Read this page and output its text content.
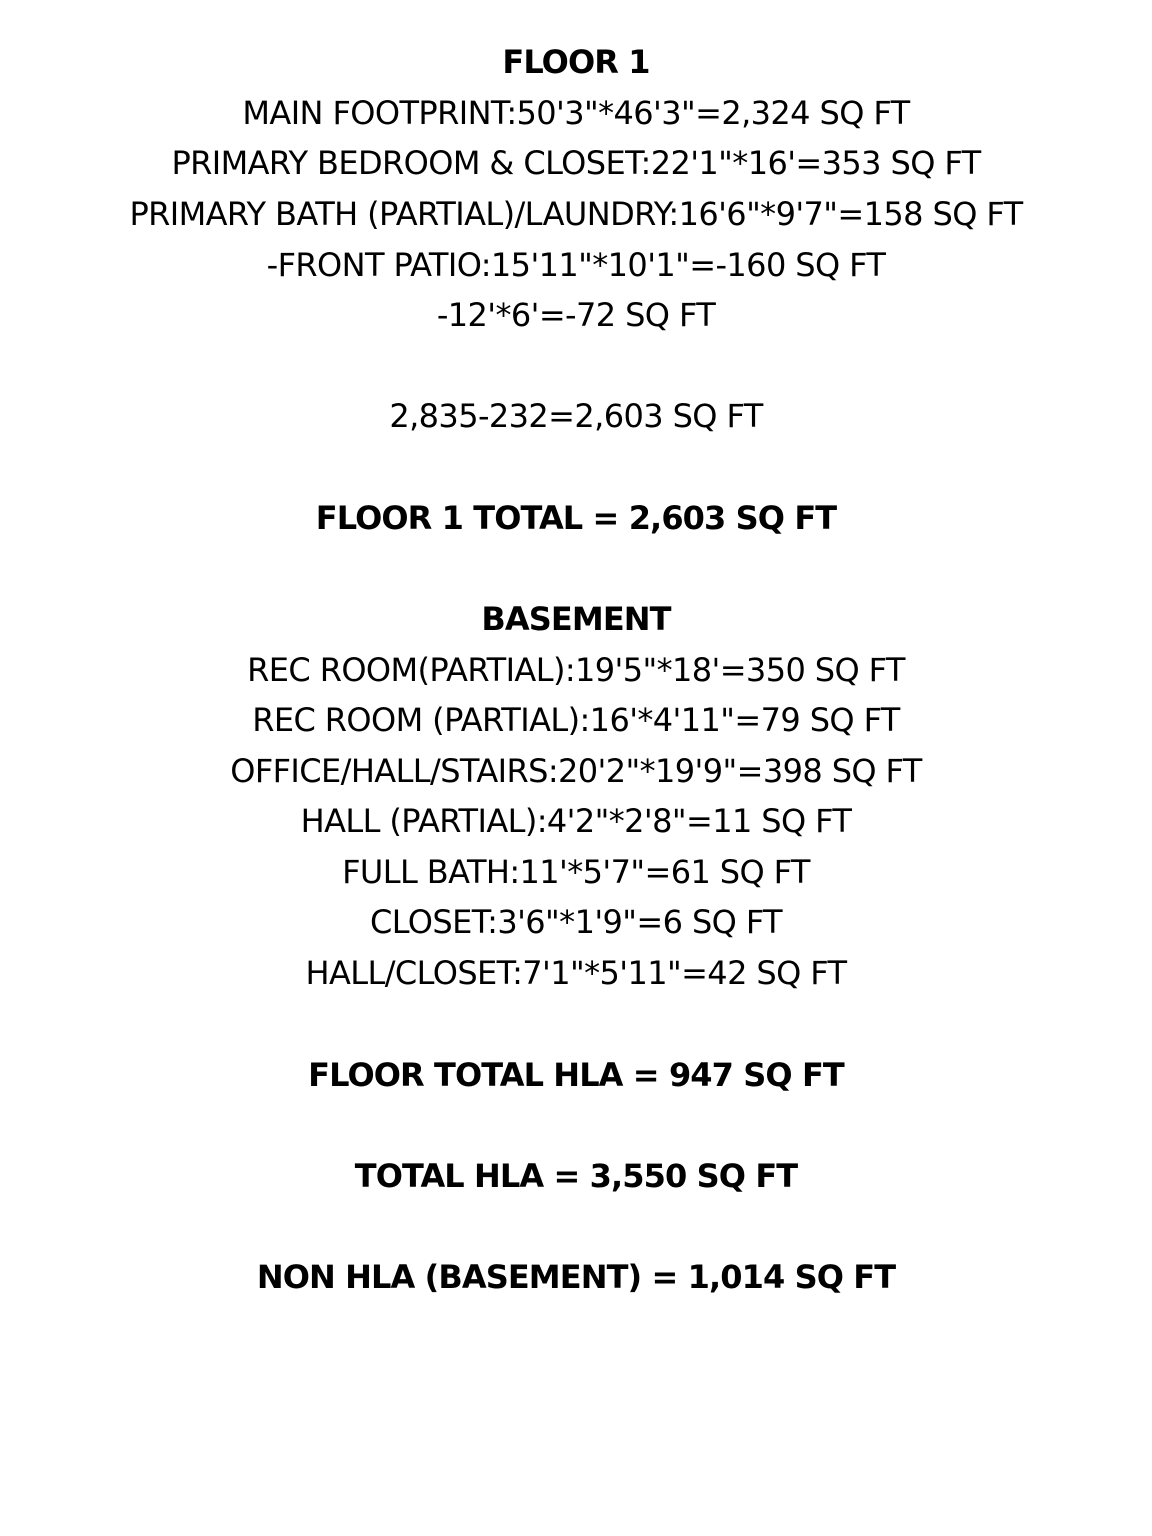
FLOOR 1
MAIN FOOTPRINT:50'3"*46'3"=2,324 SQ FT
PRIMARY BEDROOM & CLOSET:22'1"*16'=353 SQ FT
PRIMARY BATH (PARTIAL)/LAUNDRY:16'6"*9'7"=158 SQ FT
-FRONT PATIO:15'11"*10'1"=-160 SQ FT
-12'*6'=-72 SQ FT
2,835-232=2,603 SQ FT
FLOOR 1 TOTAL = 2,603 SQ FT
BASEMENT
REC ROOM(PARTIAL):19'5"*18'=350 SQ FT
REC ROOM (PARTIAL):16'*4'11"=79 SQ FT
OFFICE/HALL/STAIRS:20'2"*19'9"=398 SQ FT
HALL (PARTIAL):4'2"*2'8"=11 SQ FT
FULL BATH:11'*5'7"=61 SQ FT
CLOSET:3'6"*1'9"=6 SQ FT
HALL/CLOSET:7'1"*5'11"=42 SQ FT
FLOOR TOTAL HLA = 947 SQ FT
TOTAL HLA = 3,550 SQ FT
NON HLA (BASEMENT) = 1,014 SQ FT
